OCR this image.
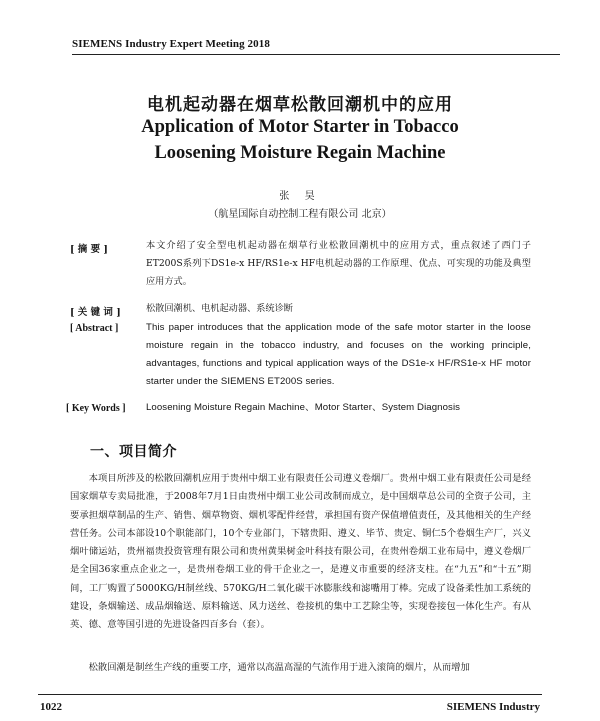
SIEMENS Industry Expert Meeting 2018
电机起动器在烟草松散回潮机中的应用
Application of Motor Starter in Tobacco
Loosening Moisture Regain Machine
张 昊
（航星国际自动控制工程有限公司 北京）
[ 摘 要 ]	本文介绍了安全型电机起动器在烟草行业松散回潮机中的应用方式，重点叙述了西门子ET200S系列下DS1e-x HF/RS1e-x HF电机起动器的工作原理、优点、可实现的功能及典型应用方式。
[ 关 键 词 ]	松散回潮机、电机起动器、系统诊断
[ Abstract ]	This paper introduces that the application mode of the safe motor starter in the loose moisture regain in the tobacco industry, and focuses on the working principle, advantages, functions and typical application ways of the DS1e-x HF/RS1e-x HF motor starter under the SIEMENS ET200S series.
[ Key Words ]	Loosening Moisture Regain Machine、Motor Starter、System Diagnosis
一、项目简介

本项目所涉及的松散回潮机应用于贵州中烟工业有限责任公司遵义卷烟厂。贵州中烟工业有限责任公司是经国家烟草专卖局批准，于2008年7月1日由贵州中烟工业公司改制而成立，是中国烟草总公司的全资子公司，主要承担烟草制品的生产、销售、烟草物资、烟机零配件经营，承担国有资产保值增值责任，及其他相关的生产经营任务。公司本部设10个职能部门，10个专业部门，下辖贵阳、遵义、毕节、贵定、铜仁5个卷烟生产厂，兴义烟叶储运站，贵州福贵投资管理有限公司和贵州黄果树金叶科技有限公司，在贵州卷烟工业布局中，遵义卷烟厂是全国36家重点企业之一，是贵州卷烟工业的骨干企业之一，是遵义市重要的经济支柱。在“九五”和“十五”期间，工厂购置了5000KG/H制丝线、570KG/H二氧化碳干冰膨胀线和滤嘴用丁棒。完成了设备柔性加工系统的建设，条烟输送、成品烟输送、原料输送、风力送丝、卷接机的集中工艺除尘等，实现卷接包一体化生产。有从英、德、意等国引进的先进设备四百多台（套）。

松散回潮是制丝生产线的重要工序，通常以高温高湿的气流作用于进入滚筒的烟片，从而增加

1022	SIEMENS Industry
